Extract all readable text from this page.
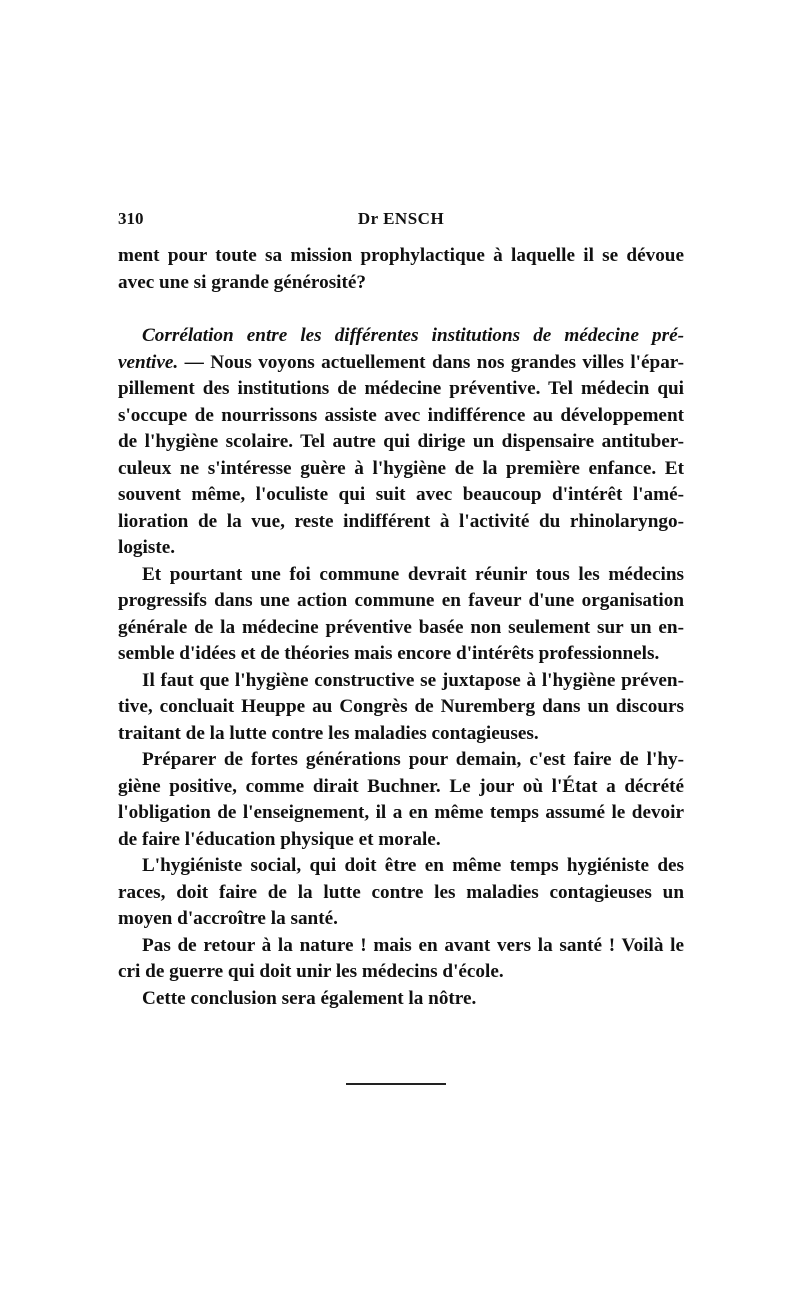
310	Dr ENSCH
ment pour toute sa mission prophylactique à laquelle il se dévoue
avec une si grande générosité?
Corrélation entre les différentes institutions de médecine pré-
ventive. — Nous voyons actuellement dans nos grandes villes l'épar-
pillement des institutions de médecine préventive. Tel médecin qui
s'occupe de nourrissons assiste avec indifférence au développement
de l'hygiène scolaire. Tel autre qui dirige un dispensaire antituber-
culeux ne s'intéresse guère à l'hygiène de la première enfance. Et
souvent même, l'oculiste qui suit avec beaucoup d'intérêt l'amé-
lioration de la vue, reste indifférent à l'activité du rhinolaryngo-
logiste.
Et pourtant une foi commune devrait réunir tous les médecins
progressifs dans une action commune en faveur d'une organisation
générale de la médecine préventive basée non seulement sur un en-
semble d'idées et de théories mais encore d'intérêts professionnels.
Il faut que l'hygiène constructive se juxtapose à l'hygiène préven-
tive, concluait Heuppe au Congrès de Nuremberg dans un discours
traitant de la lutte contre les maladies contagieuses.
Préparer de fortes générations pour demain, c'est faire de l'hy-
giène positive, comme dirait Buchner. Le jour où l'État a décrété
l'obligation de l'enseignement, il a en même temps assumé le devoir
de faire l'éducation physique et morale.
L'hygiéniste social, qui doit être en même temps hygiéniste des
races, doit faire de la lutte contre les maladies contagieuses un
moyen d'accroître la santé.
Pas de retour à la nature ! mais en avant vers la santé ! Voilà le
cri de guerre qui doit unir les médecins d'école.
Cette conclusion sera également la nôtre.
